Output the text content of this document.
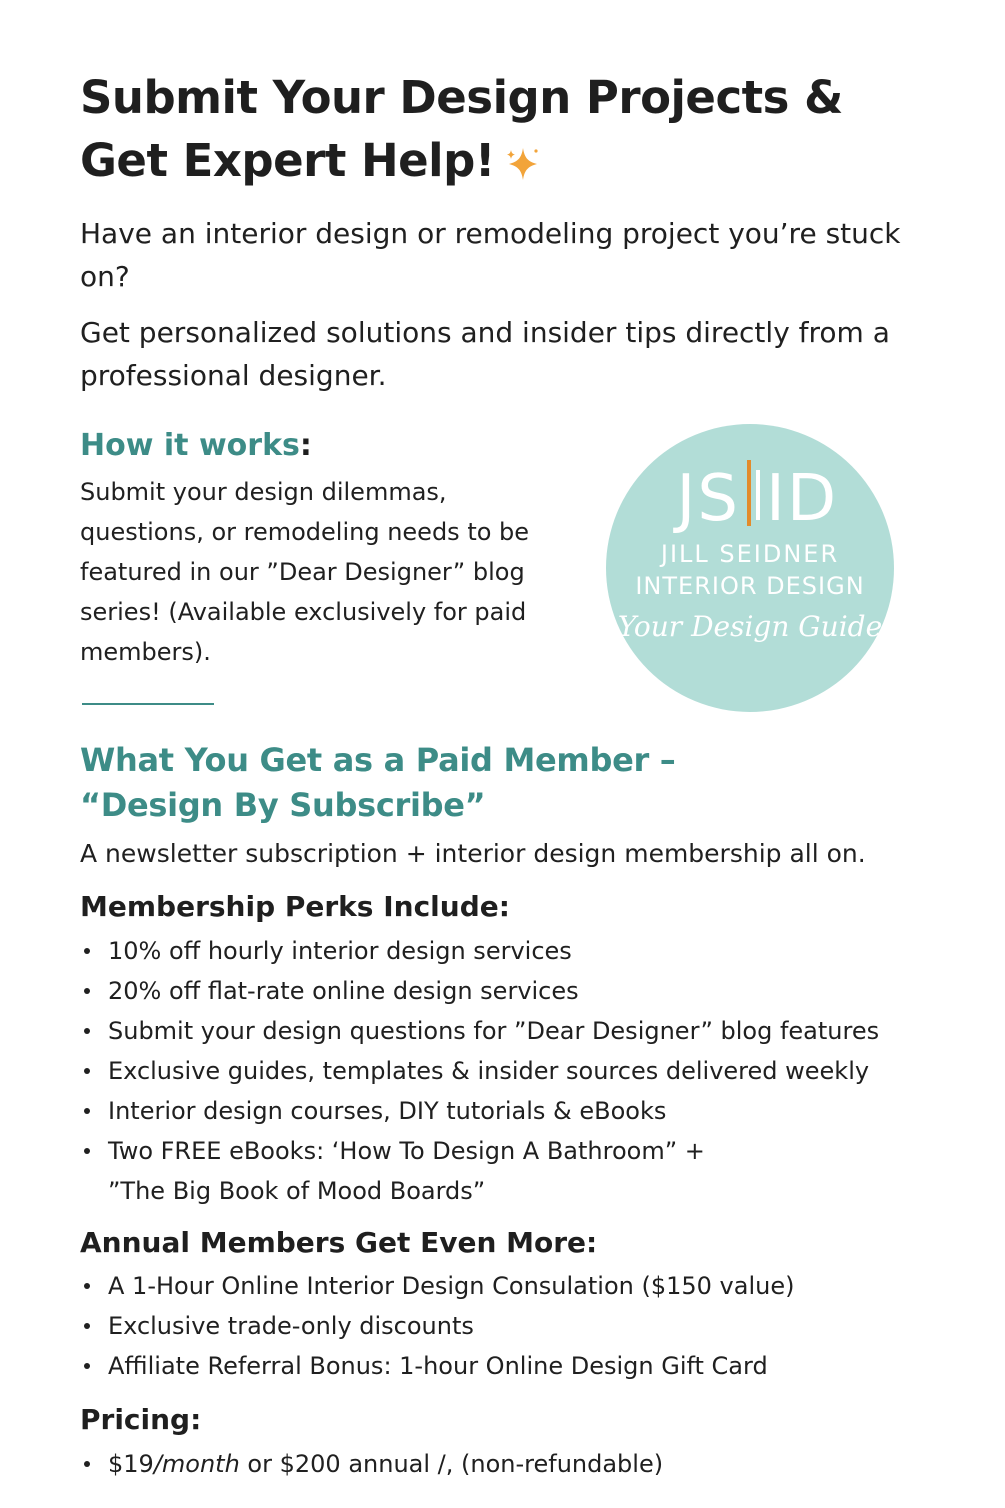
Submit Your Design Projects &
Get Expert Help!

Have an interior design or remodeling project you’re stuck on?

Get personalized solutions and insider tips directly from a professional designer.

How it works:

Submit your design dilemmas, questions, or remodeling needs to be featured in our ”Dear Designer” blog series! (Available exclusively for paid members).

JS ID
JILL SEIDNER
INTERIOR DESIGN
Your Design Guide
What You Get as a Paid Member –
“Design By Subscribe”

A newsletter subscription + interior design membership all on.

Membership Perks Include:
10% off hourly interior design services
20% off flat-rate online design services
Submit your design questions for ”Dear Designer” blog features
Exclusive guides, templates & insider sources delivered weekly
Interior design courses, DIY tutorials & eBooks
Two FREE eBooks: ‘How To Design A Bathroom” +
”The Big Book of Mood Boards”
Annual Members Get Even More:
A 1-Hour Online Interior Design Consulation ($150 value)
Exclusive trade-only discounts
Affiliate Referral Bonus: 1-hour Online Design Gift Card
Pricing:
$19/month or $200 annual /, (non-refundable)
